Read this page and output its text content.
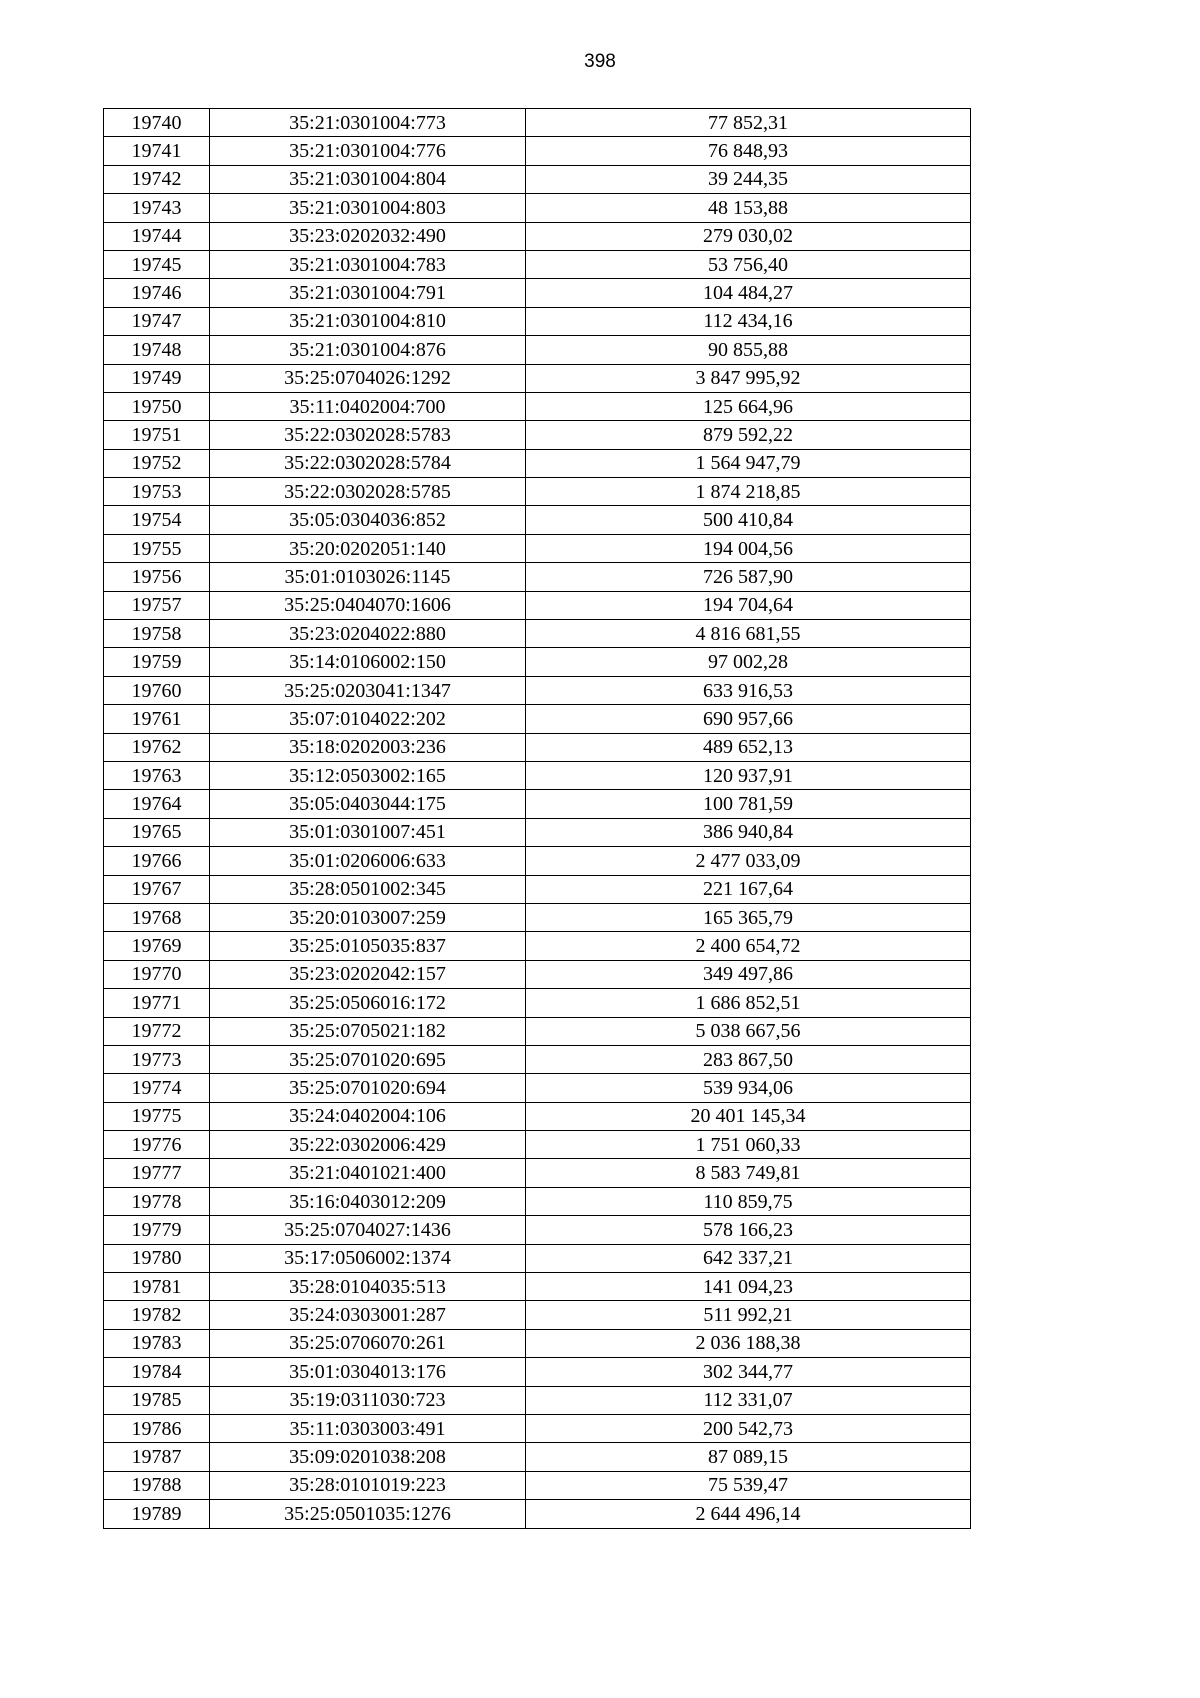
398
19740	35:21:0301004:773	77 852,31
19741	35:21:0301004:776	76 848,93
19742	35:21:0301004:804	39 244,35
19743	35:21:0301004:803	48 153,88
19744	35:23:0202032:490	279 030,02
19745	35:21:0301004:783	53 756,40
19746	35:21:0301004:791	104 484,27
19747	35:21:0301004:810	112 434,16
19748	35:21:0301004:876	90 855,88
19749	35:25:0704026:1292	3 847 995,92
19750	35:11:0402004:700	125 664,96
19751	35:22:0302028:5783	879 592,22
19752	35:22:0302028:5784	1 564 947,79
19753	35:22:0302028:5785	1 874 218,85
19754	35:05:0304036:852	500 410,84
19755	35:20:0202051:140	194 004,56
19756	35:01:0103026:1145	726 587,90
19757	35:25:0404070:1606	194 704,64
19758	35:23:0204022:880	4 816 681,55
19759	35:14:0106002:150	97 002,28
19760	35:25:0203041:1347	633 916,53
19761	35:07:0104022:202	690 957,66
19762	35:18:0202003:236	489 652,13
19763	35:12:0503002:165	120 937,91
19764	35:05:0403044:175	100 781,59
19765	35:01:0301007:451	386 940,84
19766	35:01:0206006:633	2 477 033,09
19767	35:28:0501002:345	221 167,64
19768	35:20:0103007:259	165 365,79
19769	35:25:0105035:837	2 400 654,72
19770	35:23:0202042:157	349 497,86
19771	35:25:0506016:172	1 686 852,51
19772	35:25:0705021:182	5 038 667,56
19773	35:25:0701020:695	283 867,50
19774	35:25:0701020:694	539 934,06
19775	35:24:0402004:106	20 401 145,34
19776	35:22:0302006:429	1 751 060,33
19777	35:21:0401021:400	8 583 749,81
19778	35:16:0403012:209	110 859,75
19779	35:25:0704027:1436	578 166,23
19780	35:17:0506002:1374	642 337,21
19781	35:28:0104035:513	141 094,23
19782	35:24:0303001:287	511 992,21
19783	35:25:0706070:261	2 036 188,38
19784	35:01:0304013:176	302 344,77
19785	35:19:0311030:723	112 331,07
19786	35:11:0303003:491	200 542,73
19787	35:09:0201038:208	87 089,15
19788	35:28:0101019:223	75 539,47
19789	35:25:0501035:1276	2 644 496,14
